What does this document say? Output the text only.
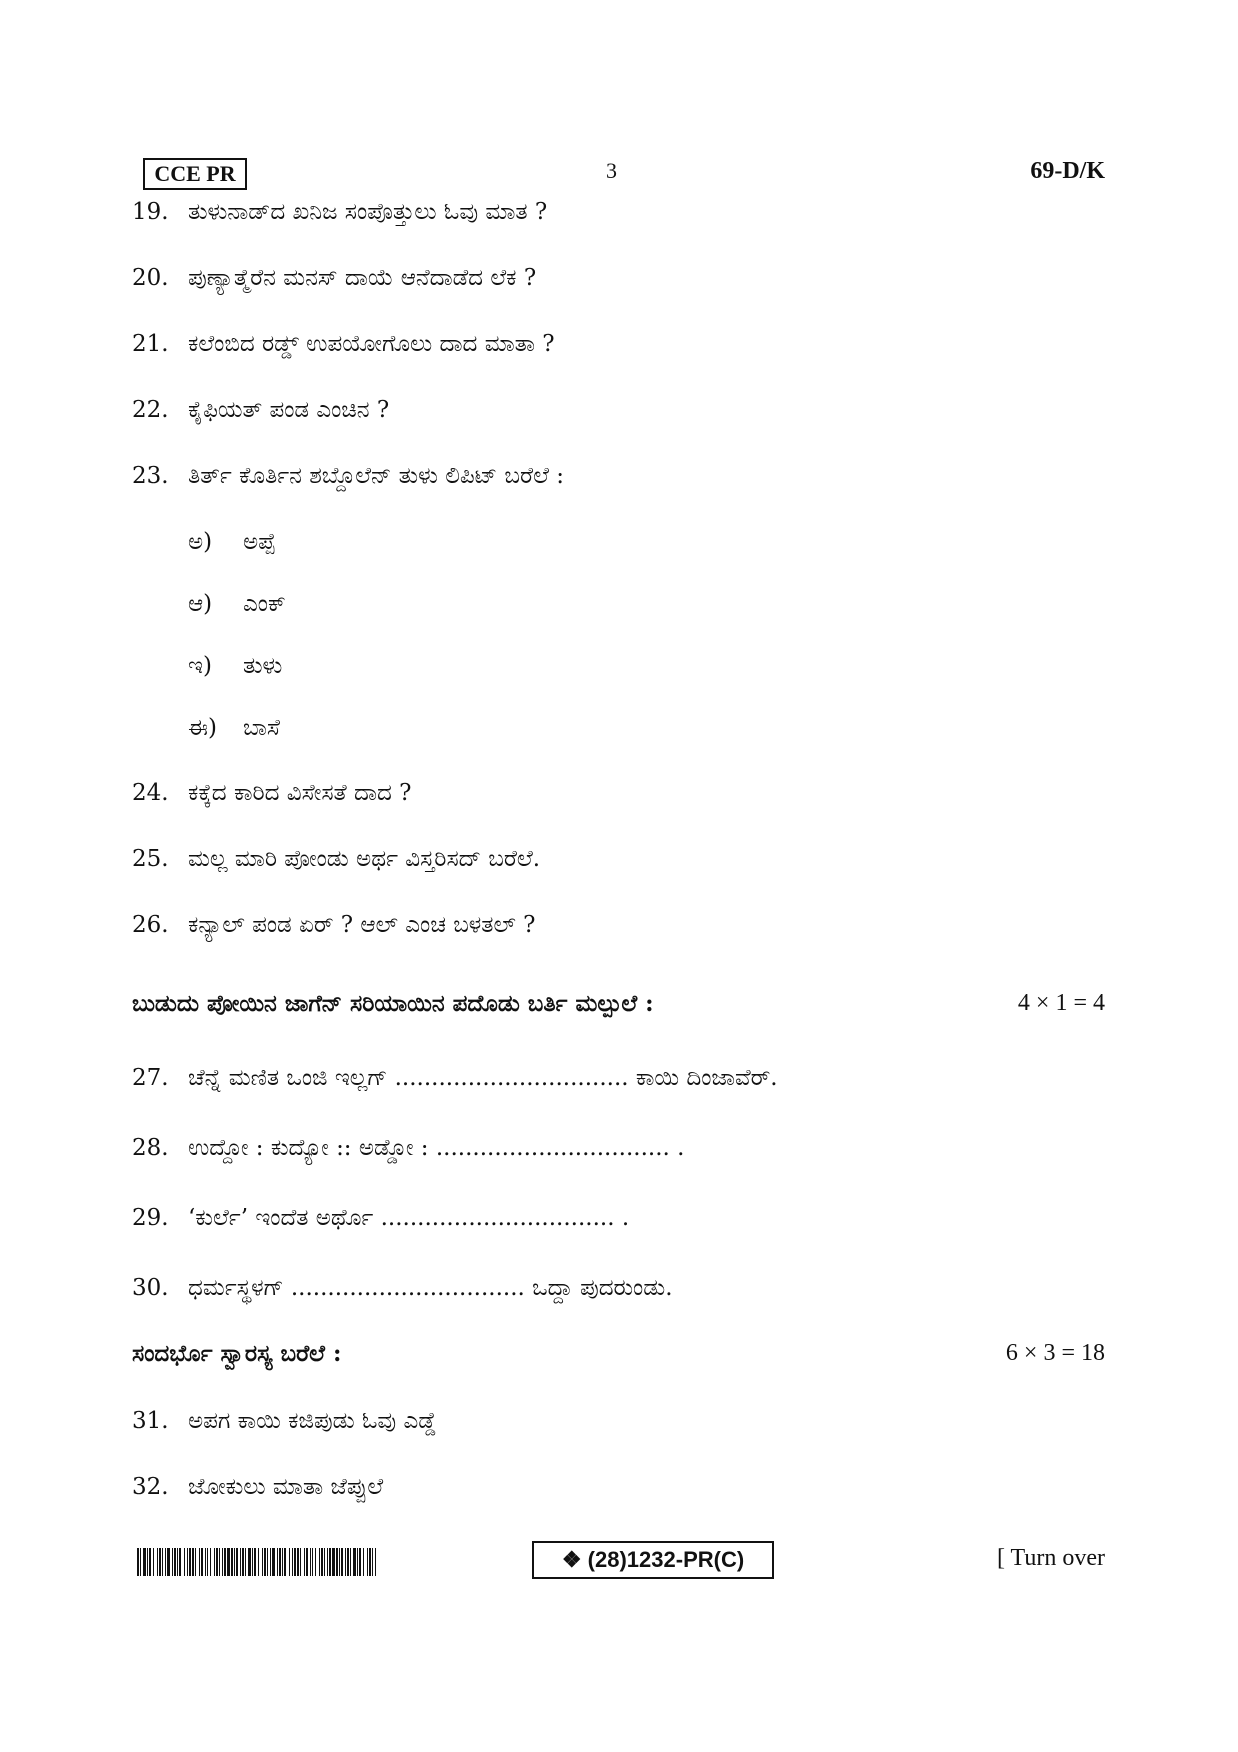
CCE PR	3	69-D/K
19. ತುಳುನಾಡ್‌ದ ಖನಿಜ ಸಂಪೊತ್ತುಲು ಓವು ಮಾತ ?
20. ಪುಣ್ಯಾತ್ಮೆರೆನ ಮನಸ್ ದಾಯೆ ಆನೆದಾಡೆದ ಲೆಕ ?
21. ಕಲೆಂಬಿದ ರಡ್ಡ್ ಉಪಯೋಗೊಲು ದಾದ ಮಾತಾ ?
22. ಕೈಫಿಯತ್ ಪಂಡ ಎಂಚಿನ ?
23. ತಿರ್ತ್ ಕೊರ್ತಿನ ಶಬ್ದೊಲೆನ್ ತುಳು ಲಿಪಿಟ್ ಬರೆಲೆ :
ಅ) ಅಪ್ಪೆ
ಆ) ಎಂಕ್
ಇ) ತುಳು
ಈ) ಬಾಸೆ
24. ಕಕ್ಕೆದ ಕಾರಿದ ವಿಸೇಸತೆ ದಾದ ?
25. ಮಲ್ಲ ಮಾರಿ ಪೋಂಡು ಅರ್ಥ ವಿಸ್ತರಿಸದ್ ಬರೆಲೆ.
26. ಕನ್ಯಾಲ್ ಪಂಡ ಏರ್ ? ಆಲ್ ಎಂಚ ಬಳತಲ್ ?
ಬುಡುದು ಪೋಯಿನ ಜಾಗೆನ್ ಸರಿಯಾಯಿನ ಪದೊಡು ಬರ್ತಿ ಮಲ್ಪುಲೆ :	4 × 1 = 4
27. ಚೆನ್ನೆ ಮಣಿತ ಒಂಜಿ ಇಲ್ಲಗ್ ................................ ಕಾಯಿ ದಿಂಜಾವೆರ್.
28. ಉದ್ದೋ : ಕುದ್ಯೋ :: ಅಡ್ಡೋ : ................................ .
29. ‘ಕುರ್ಲೆ’ ಇಂದೆತ ಅರ್ಥೊ ................................ .
30. ಧರ್ಮಸ್ಥಳಗ್ ................................ ಒದ್ದಾ ಪುದರುಂಡು.
ಸಂದರ್ಭೊ ಸ್ವಾರಸ್ಯ ಬರೆಲೆ :	6 × 3 = 18
31. ಅಪಗ ಕಾಯಿ ಕಜಿಪುಡು ಓವು ಎಡ್ಡೆ
32. ಜೋಕುಲು ಮಾತಾ ಜೆಪ್ಪುಲೆ
❖ (28)1232-PR(C)	[ Turn over
